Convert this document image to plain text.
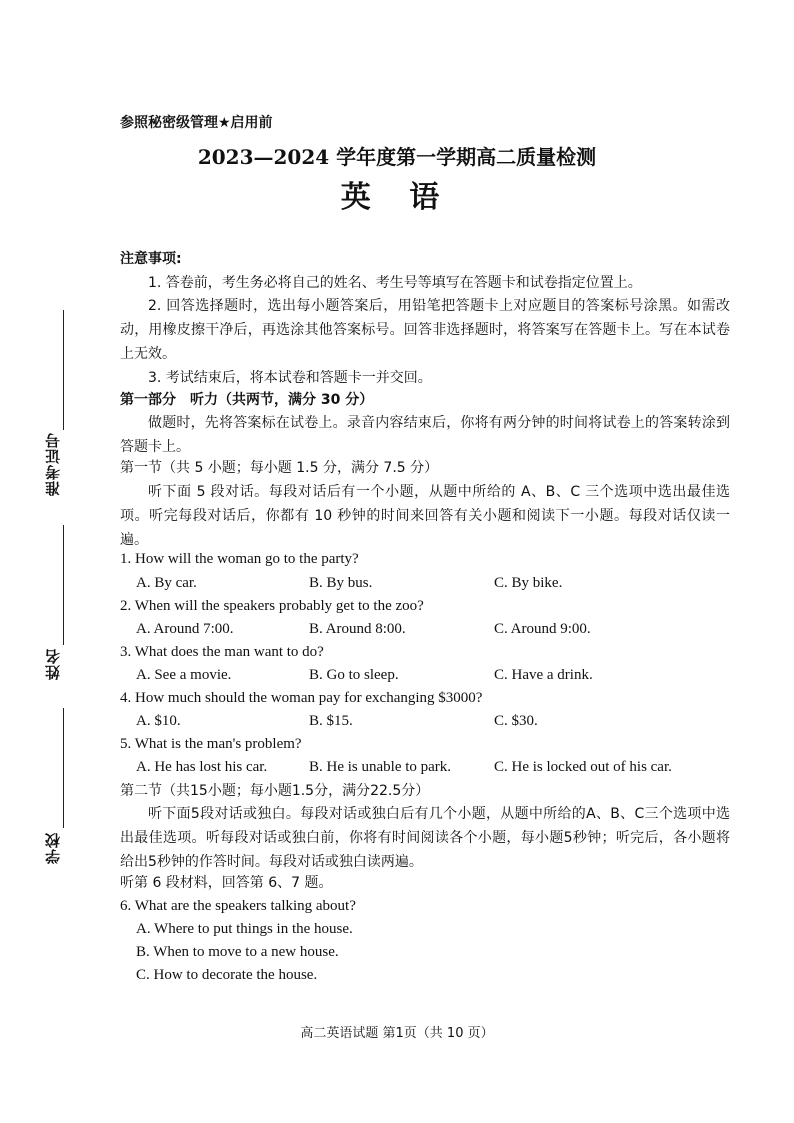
准考证号
姓名
学校
参照秘密级管理★启用前
2023—2024 学年度第一学期高二质量检测
英 语
注意事项:
1. 答卷前，考生务必将自己的姓名、考生号等填写在答题卡和试卷指定位置上。
2. 回答选择题时，选出每小题答案后，用铅笔把答题卡上对应题目的答案标号涂黑。如需改动，用橡皮擦干净后，再选涂其他答案标号。回答非选择题时，将答案写在答题卡上。写在本试卷上无效。
3. 考试结束后，将本试卷和答题卡一并交回。
第一部分　听力（共两节，满分 30 分）
做题时，先将答案标在试卷上。录音内容结束后，你将有两分钟的时间将试卷上的答案转涂到答题卡上。
第一节（共 5 小题；每小题 1.5 分，满分 7.5 分）
听下面 5 段对话。每段对话后有一个小题，从题中所给的 A、B、C 三个选项中选出最佳选项。听完每段对话后，你都有 10 秒钟的时间来回答有关小题和阅读下一小题。每段对话仅读一遍。
1. How will the woman go to the party?
A. By car.	B. By bus.	C. By bike.
2. When will the speakers probably get to the zoo?
A. Around 7:00.	B. Around 8:00.	C. Around 9:00.
3. What does the man want to do?
A. See a movie.	B. Go to sleep.	C. Have a drink.
4. How much should the woman pay for exchanging $3000?
A. $10.	B. $15.	C. $30.
5. What is the man's problem?
A. He has lost his car.	B. He is unable to park.	C. He is locked out of his car.
第二节（共15小题；每小题1.5分，满分22.5分）
听下面5段对话或独白。每段对话或独白后有几个小题，从题中所给的A、B、C三个选项中选出最佳选项。听每段对话或独白前，你将有时间阅读各个小题，每小题5秒钟；听完后，各小题将给出5秒钟的作答时间。每段对话或独白读两遍。
听第 6 段材料，回答第 6、7 题。
6. What are the speakers talking about?
A. Where to put things in the house.
B. When to move to a new house.
C. How to decorate the house.
高二英语试题 第1页（共 10 页）
